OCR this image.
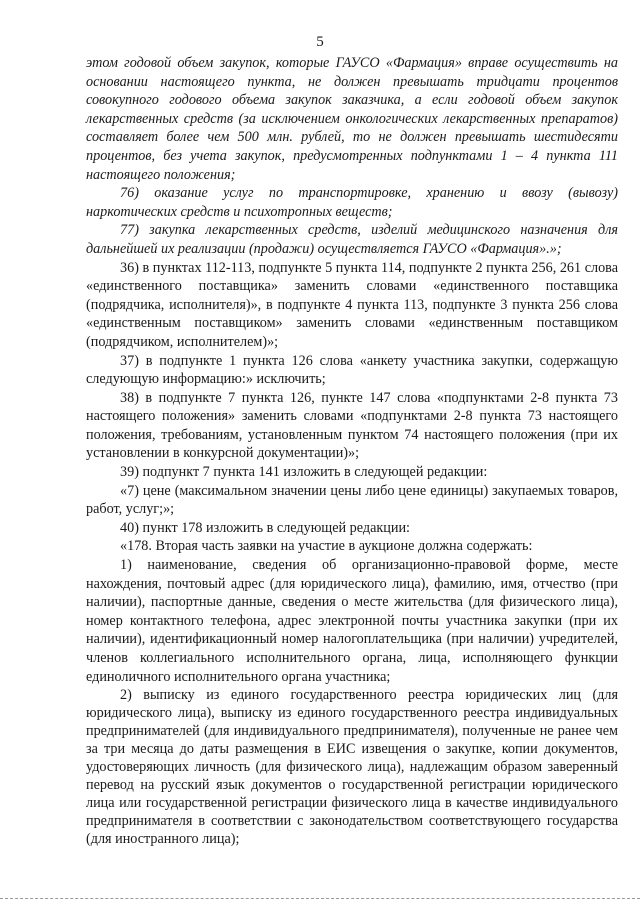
5

этом годовой объем закупок, которые ГАУСО «Фармация» вправе осуществить на основании настоящего пункта, не должен превышать тридцати процентов совокупного годового объема закупок заказчика, а если годовой объем закупок лекарственных средств (за исключением онкологических лекарственных препаратов) составляет более чем 500 млн. рублей, то не должен превышать шестидесяти процентов, без учета закупок, предусмотренных подпунктами 1 – 4 пункта 111 настоящего положения;

76) оказание услуг по транспортировке, хранению и ввозу (вывозу) наркотических средств и психотропных веществ;

77) закупка лекарственных средств, изделий медицинского назначения для дальнейшей их реализации (продажи) осуществляется ГАУСО «Фармация».»;

36) в пунктах 112-113, подпункте 5 пункта 114, подпункте 2 пункта 256, 261 слова «единственного поставщика» заменить словами «единственного поставщика (подрядчика, исполнителя)», в подпункте 4 пункта 113, подпункте 3 пункта 256 слова «единственным поставщиком» заменить словами «единственным поставщиком (подрядчиком, исполнителем)»;

37) в подпункте 1 пункта 126 слова «анкету участника закупки, содержащую следующую информацию:» исключить;

38) в подпункте 7 пункта 126, пункте 147 слова «подпунктами 2-8 пункта 73 настоящего положения» заменить словами «подпунктами 2-8 пункта 73 настоящего положения, требованиям, установленным пунктом 74 настоящего положения (при их установлении в конкурсной документации)»;

39) подпункт 7 пункта 141 изложить в следующей редакции:

«7) цене (максимальном значении цены либо цене единицы) закупаемых товаров, работ, услуг;»;

40) пункт 178 изложить в следующей редакции:

«178. Вторая часть заявки на участие в аукционе должна содержать:

1) наименование, сведения об организационно-правовой форме, месте нахождения, почтовый адрес (для юридического лица), фамилию, имя, отчество (при наличии), паспортные данные, сведения о месте жительства (для физического лица), номер контактного телефона, адрес электронной почты участника закупки (при их наличии), идентификационный номер налогоплательщика (при наличии) учредителей, членов коллегиального исполнительного органа, лица, исполняющего функции единоличного исполнительного органа участника;

2) выписку из единого государственного реестра юридических лиц (для юридического лица), выписку из единого государственного реестра индивидуальных предпринимателей (для индивидуального предпринимателя), полученные не ранее чем за три месяца до даты размещения в ЕИС извещения о закупке, копии документов, удостоверяющих личность (для физического лица), надлежащим образом заверенный перевод на русский язык документов о государственной регистрации юридического лица или государственной регистрации физического лица в качестве индивидуального предпринимателя в соответствии с законодательством соответствующего государства (для иностранного лица);
